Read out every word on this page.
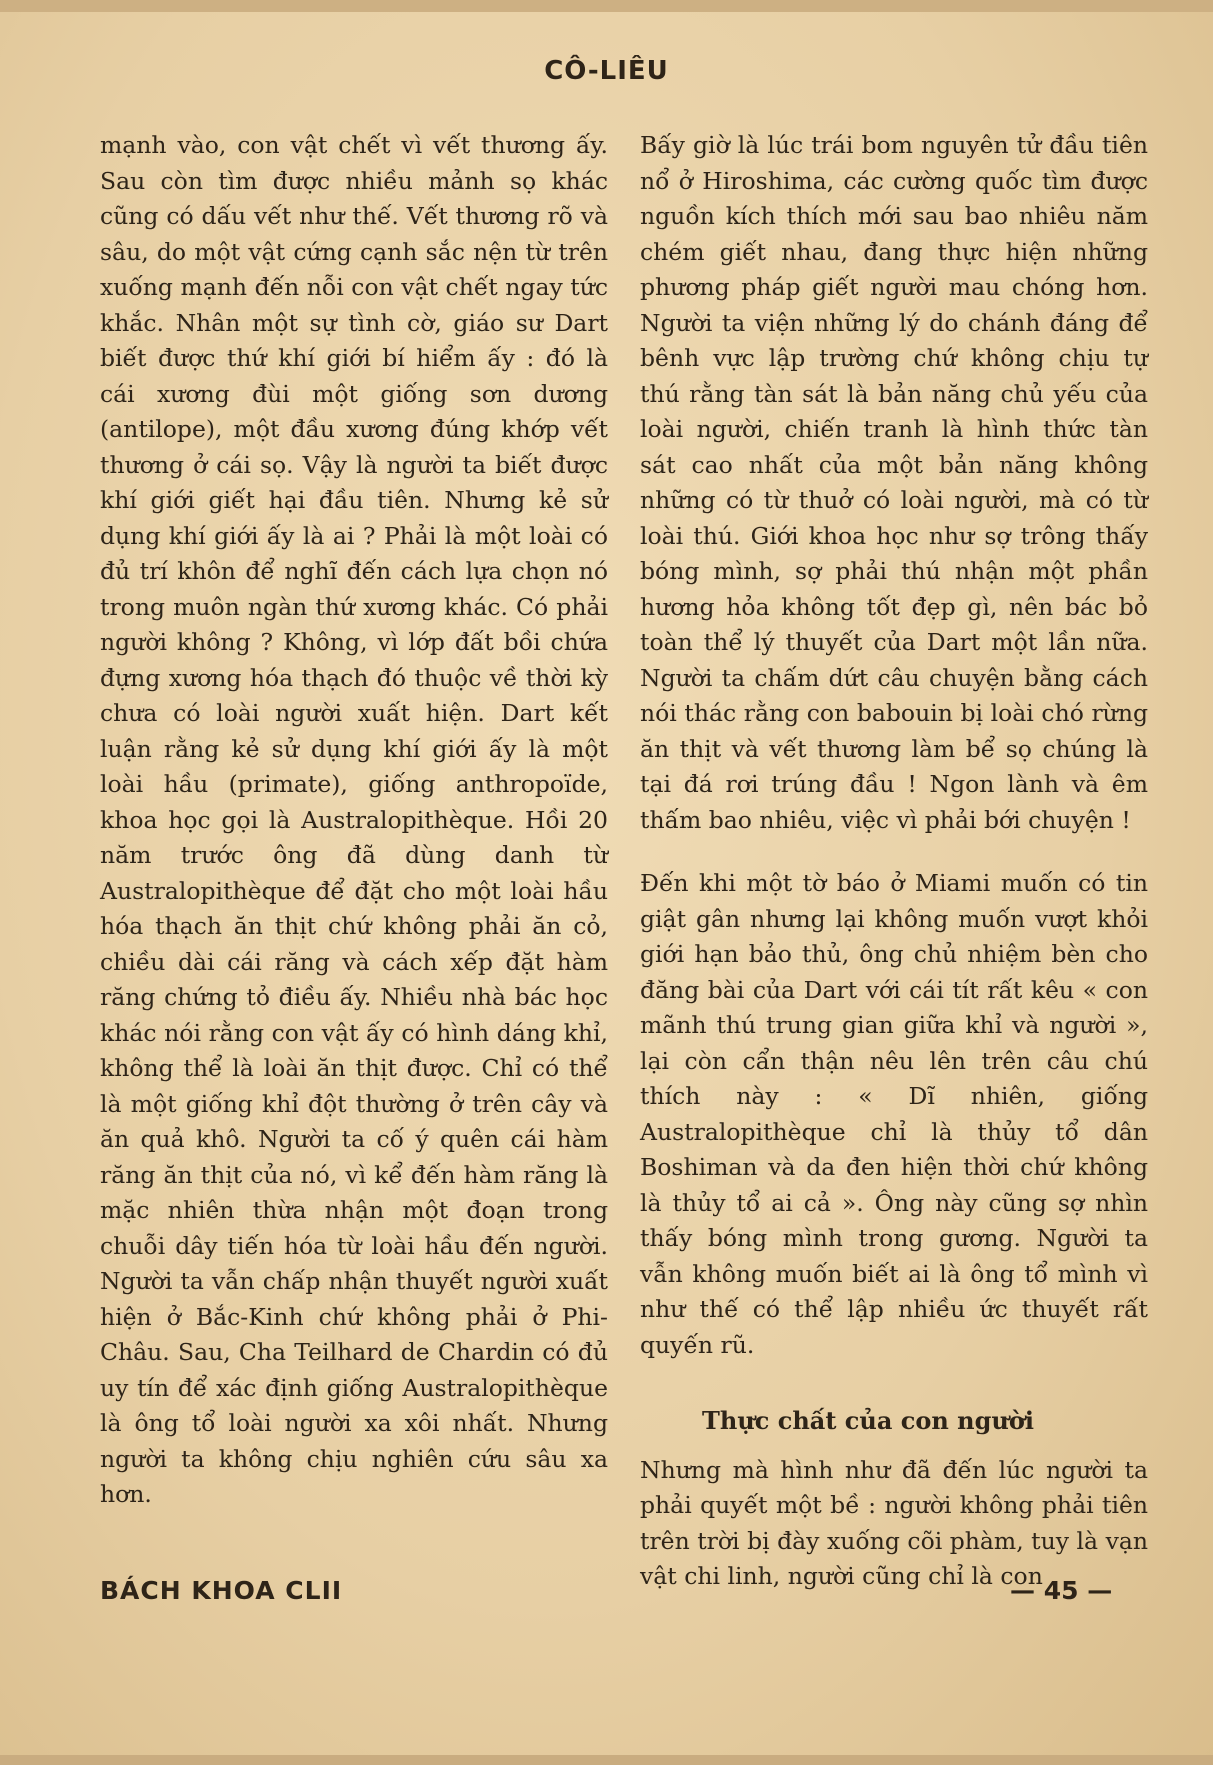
CÔ-LIÊU

mạnh vào, con vật chết vì vết thương ấy. Sau còn tìm được nhiều mảnh sọ khác cũng có dấu vết như thế. Vết thương rõ và sâu, do một vật cứng cạnh sắc nện từ trên xuống mạnh đến nỗi con vật chết ngay tức khắc. Nhân một sự tình cờ, giáo sư Dart biết được thứ khí giới bí hiểm ấy : đó là cái xương đùi một giống sơn dương (antilope), một đầu xương đúng khớp vết thương ở cái sọ. Vậy là người ta biết được khí giới giết hại đầu tiên. Nhưng kẻ sử dụng khí giới ấy là ai ? Phải là một loài có đủ trí khôn để nghĩ đến cách lựa chọn nó trong muôn ngàn thứ xương khác. Có phải người không ? Không, vì lớp đất bồi chứa đựng xương hóa thạch đó thuộc về thời kỳ chưa có loài người xuất hiện. Dart kết luận rằng kẻ sử dụng khí giới ấy là một loài hầu (primate), giống anthropoïde, khoa học gọi là Australopithèque. Hồi 20 năm trước ông đã dùng danh từ Australopithèque để đặt cho một loài hầu hóa thạch ăn thịt chứ không phải ăn cỏ, chiều dài cái răng và cách xếp đặt hàm răng chứng tỏ điều ấy. Nhiều nhà bác học khác nói rằng con vật ấy có hình dáng khỉ, không thể là loài ăn thịt được. Chỉ có thể là một giống khỉ đột thường ở trên cây và ăn quả khô. Người ta cố ý quên cái hàm răng ăn thịt của nó, vì kể đến hàm răng là mặc nhiên thừa nhận một đoạn trong chuỗi dây tiến hóa từ loài hầu đến người. Người ta vẫn chấp nhận thuyết người xuất hiện ở Bắc-Kinh chứ không phải ở Phi-Châu. Sau, Cha Teilhard de Chardin có đủ uy tín để xác định giống Australopithèque là ông tổ loài người xa xôi nhất. Nhưng người ta không chịu nghiên cứu sâu xa hơn.

Bấy giờ là lúc trái bom nguyên tử đầu tiên nổ ở Hiroshima, các cường quốc tìm được nguồn kích thích mới sau bao nhiêu năm chém giết nhau, đang thực hiện những phương pháp giết người mau chóng hơn. Người ta viện những lý do chánh đáng để bênh vực lập trường chứ không chịu tự thú rằng tàn sát là bản năng chủ yếu của loài người, chiến tranh là hình thức tàn sát cao nhất của một bản năng không những có từ thuở có loài người, mà có từ loài thú. Giới khoa học như sợ trông thấy bóng mình, sợ phải thú nhận một phần hương hỏa không tốt đẹp gì, nên bác bỏ toàn thể lý thuyết của Dart một lần nữa. Người ta chấm dứt câu chuyện bằng cách nói thác rằng con babouin bị loài chó rừng ăn thịt và vết thương làm bể sọ chúng là tại đá rơi trúng đầu ! Ngon lành và êm thấm bao nhiêu, việc vì phải bới chuyện !

Đến khi một tờ báo ở Miami muốn có tin giật gân nhưng lại không muốn vượt khỏi giới hạn bảo thủ, ông chủ nhiệm bèn cho đăng bài của Dart với cái tít rất kêu « con mãnh thú trung gian giữa khỉ và người », lại còn cẩn thận nêu lên trên câu chú thích này : « Dĩ nhiên, giống Australopithèque chỉ là thủy tổ dân Boshiman và da đen hiện thời chứ không là thủy tổ ai cả ». Ông này cũng sợ nhìn thấy bóng mình trong gương. Người ta vẫn không muốn biết ai là ông tổ mình vì như thế có thể lập nhiều ức thuyết rất quyến rũ.

Thực chất của con người

Nhưng mà hình như đã đến lúc người ta phải quyết một bề : người không phải tiên trên trời bị đày xuống cõi phàm, tuy là vạn vật chi linh, người cũng chỉ là con

BÁCH KHOA CLII	— 45 —
